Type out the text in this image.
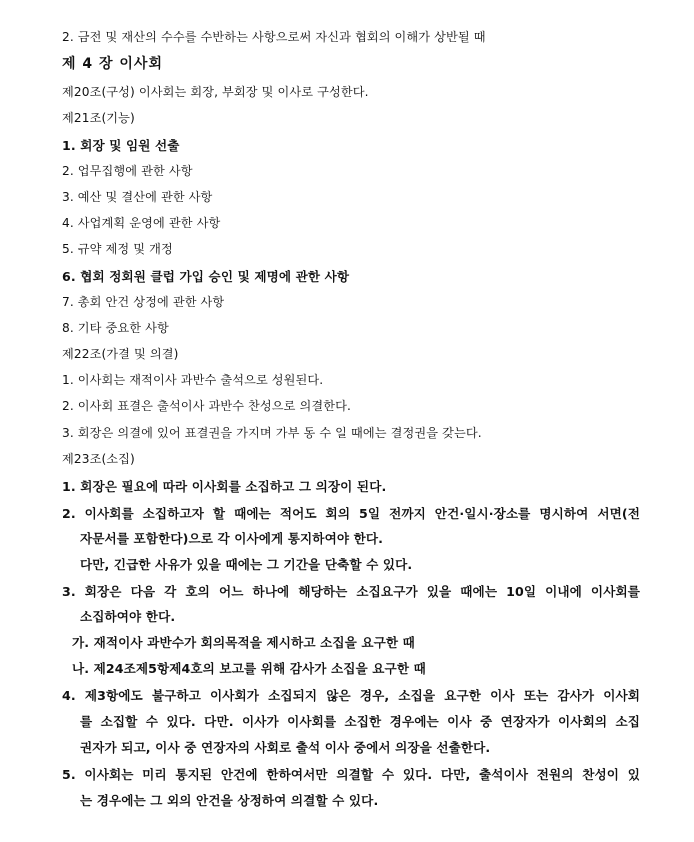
2. 금전 및 재산의 수수를 수반하는 사항으로써 자신과 협회의 이해가 상반될 때
제 4 장 이사회
제20조(구성) 이사회는 회장, 부회장 및 이사로 구성한다.
제21조(기능)
1. 회장 및 임원 선출
2. 업무집행에 관한 사항
3. 예산 및 결산에 관한 사항
4. 사업계획 운영에 관한 사항
5. 규약 제정 및 개정
6. 협회 정회원 클럽 가입 승인 및 제명에 관한 사항
7. 총회 안건 상정에 관한 사항
8. 기타 중요한 사항
제22조(가결 및 의결)
1. 이사회는 재적이사 과반수 출석으로 성원된다.
2. 이사회 표결은 출석이사 과반수 찬성으로 의결한다.
3. 회장은 의결에 있어 표결권을 가지며 가부 동 수 일 때에는 결정권을 갖는다.
제23조(소집)
1. 회장은 필요에 따라 이사회를 소집하고 그 의장이 된다.
2. 이사회를 소집하고자 할 때에는 적어도 회의 5일 전까지 안건·일시·장소를 명시하여 서면(전
자문서를 포함한다)으로 각 이사에게 통지하여야 한다.
다만, 긴급한 사유가 있을 때에는 그 기간을 단축할 수 있다.
3. 회장은 다음 각 호의 어느 하나에 해당하는 소집요구가 있을 때에는 10일 이내에 이사회를
소집하여야 한다.
가. 재적이사 과반수가 회의목적을 제시하고 소집을 요구한 때
나. 제24조제5항제4호의 보고를 위해 감사가 소집을 요구한 때
4. 제3항에도 불구하고 이사회가 소집되지 않은 경우, 소집을 요구한 이사 또는 감사가 이사회
를 소집할 수 있다. 다만. 이사가 이사회를 소집한 경우에는 이사 중 연장자가 이사회의 소집
권자가 되고, 이사 중 연장자의 사회로 출석 이사 중에서 의장을 선출한다.
5. 이사회는 미리 통지된 안건에 한하여서만 의결할 수 있다. 다만, 출석이사 전원의 찬성이 있
는 경우에는 그 외의 안건을 상정하여 의결할 수 있다.
